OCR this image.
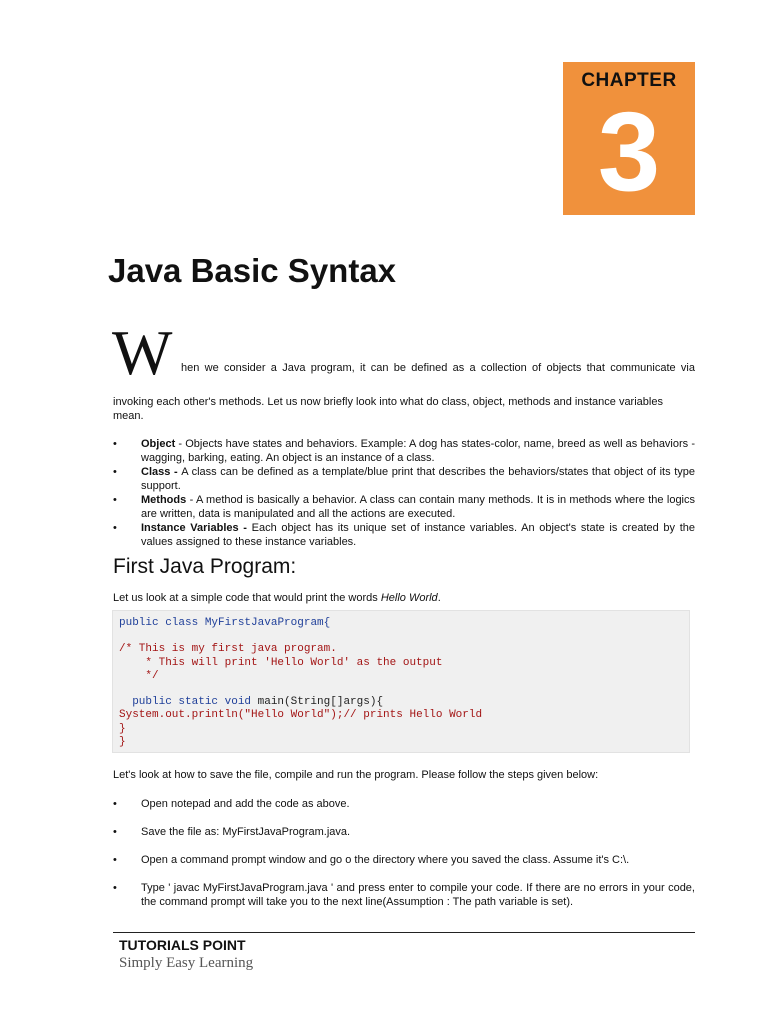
CHAPTER
3
Java Basic Syntax
W hen we consider a Java program, it can be defined as a collection of objects that communicate via
invoking each other's methods. Let us now briefly look into what do class, object, methods and instance variables mean.
• Object - Objects have states and behaviors. Example: A dog has states-color, name, breed as well as behaviors -wagging, barking, eating. An object is an instance of a class.
• Class - A class can be defined as a template/blue print that describes the behaviors/states that object of its type support.
• Methods - A method is basically a behavior. A class can contain many methods. It is in methods where the logics are written, data is manipulated and all the actions are executed.
• Instance Variables - Each object has its unique set of instance variables. An object's state is created by the values assigned to these instance variables.
First Java Program:
Let us look at a simple code that would print the words Hello World.
public class MyFirstJavaProgram{
/* This is my first java program.
* This will print 'Hello World' as the output
*/
public static void main(String[]args){
System.out.println("Hello World");// prints Hello World
}
}
Let's look at how to save the file, compile and run the program. Please follow the steps given below:
• Open notepad and add the code as above.
• Save the file as: MyFirstJavaProgram.java.
• Open a command prompt window and go o the directory where you saved the class. Assume it's C:\.
• Type ' javac MyFirstJavaProgram.java ' and press enter to compile your code. If there are no errors in your code, the command prompt will take you to the next line(Assumption : The path variable is set).
TUTORIALS POINT
Simply Easy Learning
